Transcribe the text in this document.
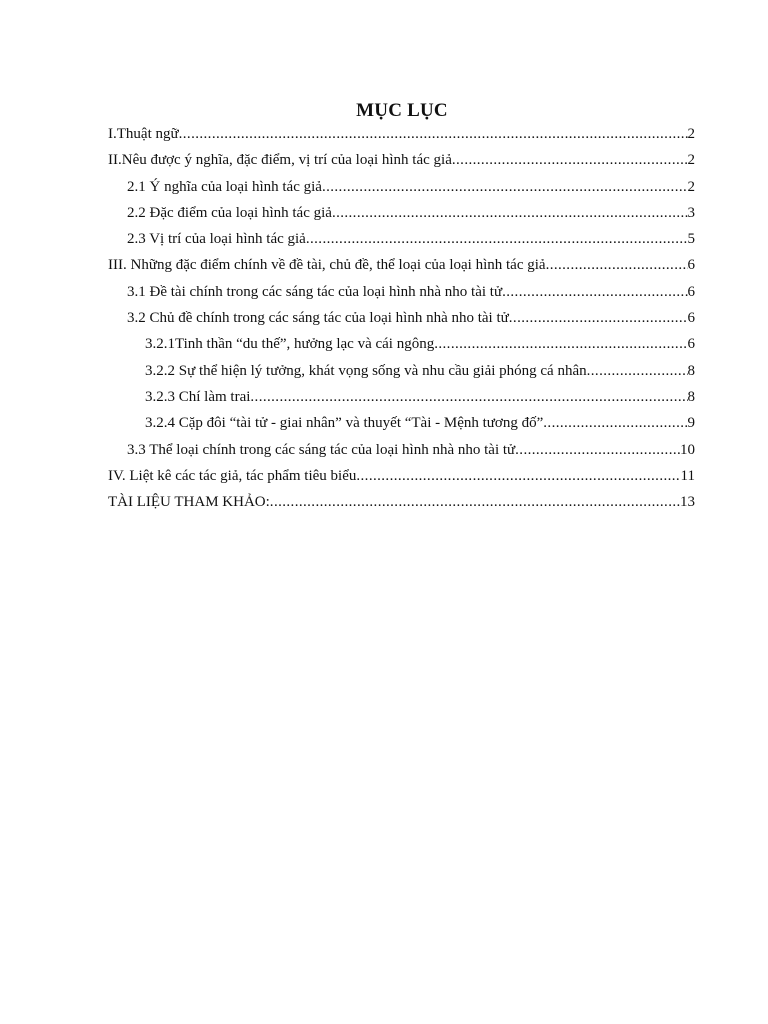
MỤC LỤC
I.Thuật ngữ .....	2
II.Nêu được ý nghĩa, đặc điểm, vị trí của loại hình tác giả .....	2
2.1 Ý nghĩa của loại hình tác giả .....	2
2.2 Đặc điểm của loại hình tác giả .....	3
2.3 Vị trí của loại hình tác giả .....	5
III. Những đặc điểm chính về đề tài, chủ đề, thể loại của loại hình tác giả .....	6
3.1 Đề tài chính trong các sáng tác của loại hình nhà nho tài tử .....	6
3.2 Chủ đề chính trong các sáng tác của loại hình nhà nho tài tử .....	6
3.2.1Tinh thần “du thế”, hưởng lạc và cái ngông .....	6
3.2.2 Sự thể hiện lý tưởng, khát vọng sống và nhu cầu giải phóng cá nhân .....	8
3.2.3 Chí làm trai .....	8
3.2.4 Cặp đôi “tài tử - giai nhân” và thuyết “Tài - Mệnh tương đố” .....	9
3.3 Thể loại chính trong các sáng tác của loại hình nhà nho tài tử .....	10
IV. Liệt kê các tác giả, tác phẩm tiêu biểu .....	11
TÀI LIỆU THAM KHẢO: .....	13
